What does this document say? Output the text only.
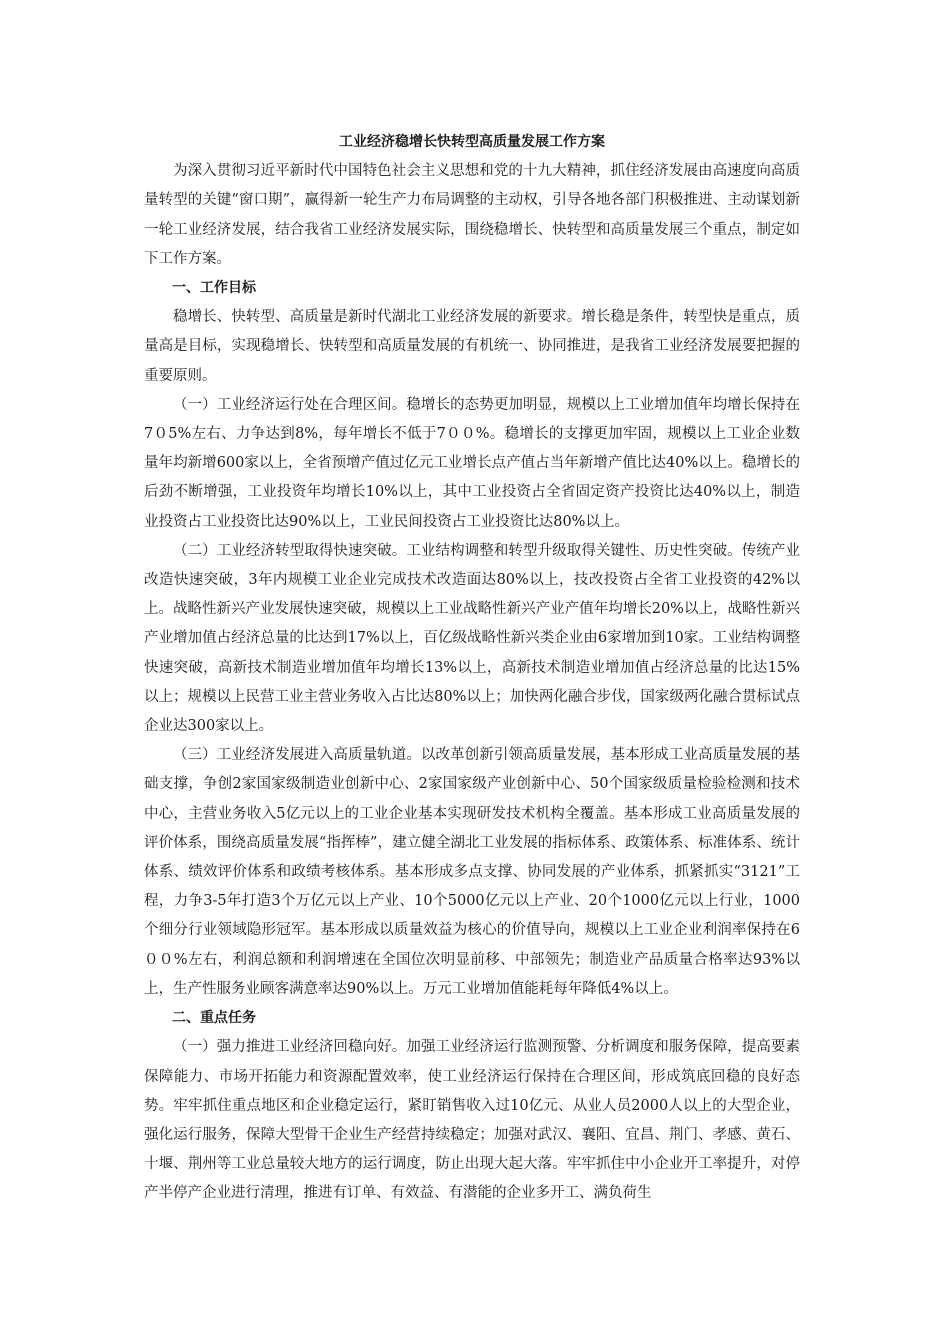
工业经济稳增长快转型高质量发展工作方案

为深入贯彻习近平新时代中国特色社会主义思想和党的十九大精神，抓住经济发展由高速度向高质量转型的关键“窗口期”，赢得新一轮生产力布局调整的主动权，引导各地各部门积极推进、主动谋划新一轮工业经济发展，结合我省工业经济发展实际，围绕稳增长、快转型和高质量发展三个重点，制定如下工作方案。

一、工作目标

稳增长、快转型、高质量是新时代湖北工业经济发展的新要求。增长稳是条件，转型快是重点，质量高是目标，实现稳增长、快转型和高质量发展的有机统一、协同推进，是我省工业经济发展要把握的重要原则。

（一）工业经济运行处在合理区间。稳增长的态势更加明显，规模以上工业增加值年均增长保持在7０5%左右、力争达到8%，每年增长不低于7００%。稳增长的支撑更加牢固，规模以上工业企业数量年均新增600家以上，全省预增产值过亿元工业增长点产值占当年新增产值比达40%以上。稳增长的后劲不断增强，工业投资年均增长10%以上，其中工业投资占全省固定资产投资比达40%以上，制造业投资占工业投资比达90%以上，工业民间投资占工业投资比达80%以上。

（二）工业经济转型取得快速突破。工业结构调整和转型升级取得关键性、历史性突破。传统产业改造快速突破，3年内规模工业企业完成技术改造面达80%以上，技改投资占全省工业投资的42%以上。战略性新兴产业发展快速突破，规模以上工业战略性新兴产业产值年均增长20%以上，战略性新兴产业增加值占经济总量的比达到17%以上，百亿级战略性新兴类企业由6家增加到10家。工业结构调整快速突破，高新技术制造业增加值年均增长13%以上，高新技术制造业增加值占经济总量的比达15%以上；规模以上民营工业主营业务收入占比达80%以上；加快两化融合步伐，国家级两化融合贯标试点企业达300家以上。

（三）工业经济发展进入高质量轨道。以改革创新引领高质量发展，基本形成工业高质量发展的基础支撑，争创2家国家级制造业创新中心、2家国家级产业创新中心、50个国家级质量检验检测和技术中心，主营业务收入5亿元以上的工业企业基本实现研发技术机构全覆盖。基本形成工业高质量发展的评价体系，围绕高质量发展“指挥棒”，建立健全湖北工业发展的指标体系、政策体系、标准体系、统计体系、绩效评价体系和政绩考核体系。基本形成多点支撑、协同发展的产业体系，抓紧抓实“3121”工程，力争3-5年打造3个万亿元以上产业、10个5000亿元以上产业、20个1000亿元以上行业，1000个细分行业领域隐形冠军。基本形成以质量效益为核心的价值导向，规模以上工业企业利润率保持在6００%左右，利润总额和利润增速在全国位次明显前移、中部领先；制造业产品质量合格率达93%以上，生产性服务业顾客满意率达90%以上。万元工业增加值能耗每年降低4%以上。

二、重点任务

（一）强力推进工业经济回稳向好。加强工业经济运行监测预警、分析调度和服务保障，提高要素保障能力、市场开拓能力和资源配置效率，使工业经济运行保持在合理区间，形成筑底回稳的良好态势。牢牢抓住重点地区和企业稳定运行，紧盯销售收入过10亿元、从业人员2000人以上的大型企业，强化运行服务，保障大型骨干企业生产经营持续稳定；加强对武汉、襄阳、宜昌、荆门、孝感、黄石、十堰、荆州等工业总量较大地方的运行调度，防止出现大起大落。牢牢抓住中小企业开工率提升，对停产半停产企业进行清理，推进有订单、有效益、有潜能的企业多开工、满负荷生
